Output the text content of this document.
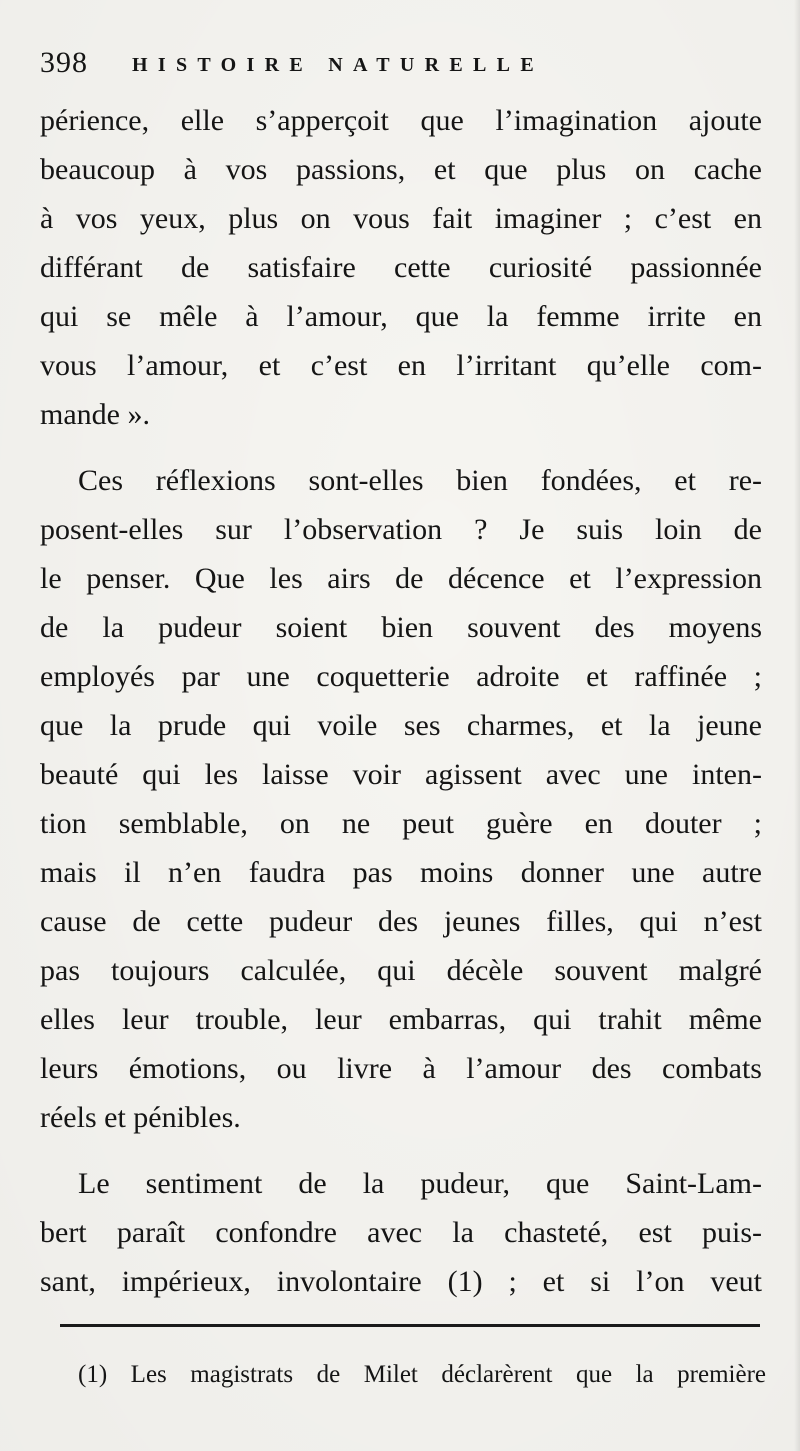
398 HISTOIRE NATURELLE
périence, elle s’apperçoit que l’imagination ajoute
beaucoup à vos passions, et que plus on cache
à vos yeux, plus on vous fait imaginer ; c’est en
différant de satisfaire cette curiosité passionnée
qui se mêle à l’amour, que la femme irrite en
vous l’amour, et c’est en l’irritant qu’elle com-
mande ».
Ces réflexions sont-elles bien fondées, et re-
posent-elles sur l’observation ? Je suis loin de
le penser. Que les airs de décence et l’expression
de la pudeur soient bien souvent des moyens
employés par une coquetterie adroite et raffinée ;
que la prude qui voile ses charmes, et la jeune
beauté qui les laisse voir agissent avec une inten-
tion semblable, on ne peut guère en douter ;
mais il n’en faudra pas moins donner une autre
cause de cette pudeur des jeunes filles, qui n’est
pas toujours calculée, qui décèle souvent malgré
elles leur trouble, leur embarras, qui trahit même
leurs émotions, ou livre à l’amour des combats
réels et pénibles.
Le sentiment de la pudeur, que Saint-Lam-
bert paraît confondre avec la chasteté, est puis-
sant, impérieux, involontaire (1) ; et si l’on veut
(1) Les magistrats de Milet déclarèrent que la première
